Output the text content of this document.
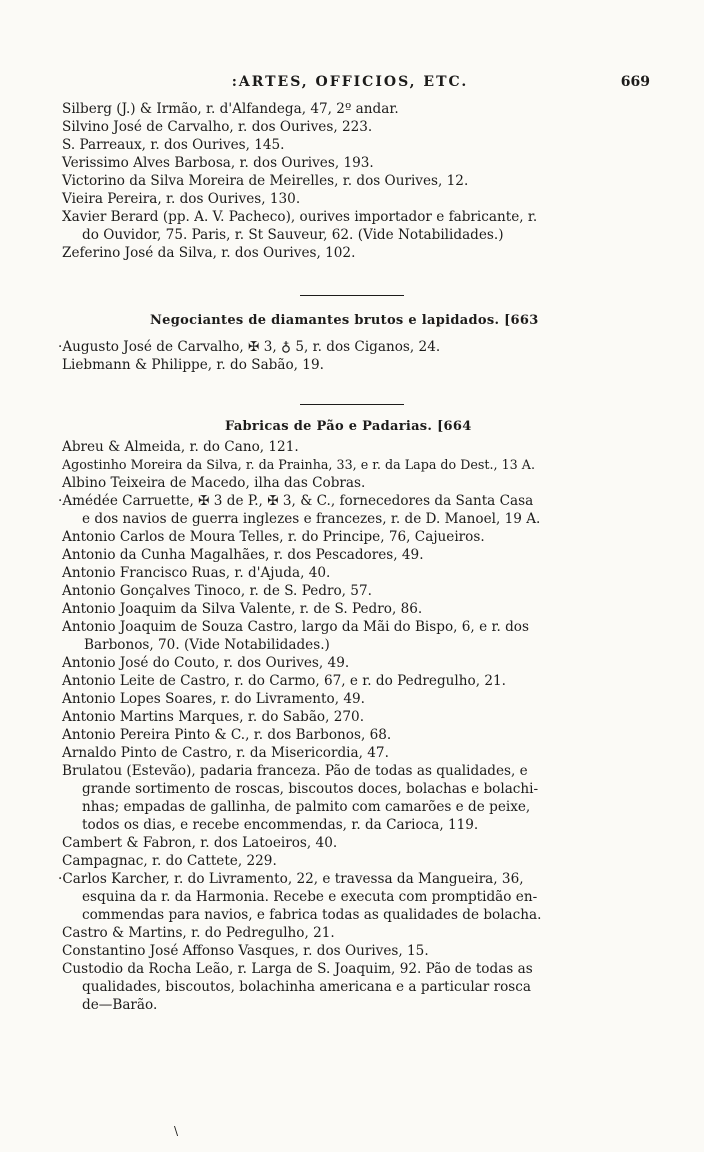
:ARTES, OFFICIOS, ETC.	669
Silberg (J.) & Irmão, r. d'Alfandega, 47, 2º andar.
Silvino José de Carvalho, r. dos Ourives, 223.
S. Parreaux, r. dos Ourives, 145.
Verissimo Alves Barbosa, r. dos Ourives, 193.
Victorino da Silva Moreira de Meirelles, r. dos Ourives, 12.
Vieira Pereira, r. dos Ourives, 130.
Xavier Berard (pp. A. V. Pacheco), ourives importador e fabricante, r.
do Ouvidor, 75. Paris, r. St Sauveur, 62. (Vide Notabilidades.)
Zeferino José da Silva, r. dos Ourives, 102.
Negociantes de diamantes brutos e lapidados. [663
·Augusto José de Carvalho, ✠ 3, ♁ 5, r. dos Ciganos, 24.
Liebmann & Philippe, r. do Sabão, 19.
Fabricas de Pão e Padarias. [664
Abreu & Almeida, r. do Cano, 121.
Agostinho Moreira da Silva, r. da Prainha, 33, e r. da Lapa do Dest., 13 A.
Albino Teixeira de Macedo, ilha das Cobras.
·Amédée Carruette, ✠ 3 de P., ✠ 3, & C., fornecedores da Santa Casa
e dos navios de guerra inglezes e francezes, r. de D. Manoel, 19 A.
Antonio Carlos de Moura Telles, r. do Principe, 76, Cajueiros.
Antonio da Cunha Magalhães, r. dos Pescadores, 49.
Antonio Francisco Ruas, r. d'Ajuda, 40.
Antonio Gonçalves Tinoco, r. de S. Pedro, 57.
Antonio Joaquim da Silva Valente, r. de S. Pedro, 86.
Antonio Joaquim de Souza Castro, largo da Mãi do Bispo, 6, e r. dos
Barbonos, 70. (Vide Notabilidades.)
Antonio José do Couto, r. dos Ourives, 49.
Antonio Leite de Castro, r. do Carmo, 67, e r. do Pedregulho, 21.
Antonio Lopes Soares, r. do Livramento, 49.
Antonio Martins Marques, r. do Sabão, 270.
Antonio Pereira Pinto & C., r. dos Barbonos, 68.
Arnaldo Pinto de Castro, r. da Misericordia, 47.
Brulatou (Estevão), padaria franceza. Pão de todas as qualidades, e
grande sortimento de roscas, biscoutos doces, bolachas e bolachi-
nhas; empadas de gallinha, de palmito com camarões e de peixe,
todos os dias, e recebe encommendas, r. da Carioca, 119.
Cambert & Fabron, r. dos Latoeiros, 40.
Campagnac, r. do Cattete, 229.
·Carlos Karcher, r. do Livramento, 22, e travessa da Mangueira, 36,
esquina da r. da Harmonia. Recebe e executa com promptidão en-
commendas para navios, e fabrica todas as qualidades de bolacha.
Castro & Martins, r. do Pedregulho, 21.
Constantino José Affonso Vasques, r. dos Ourives, 15.
Custodio da Rocha Leão, r. Larga de S. Joaquim, 92. Pão de todas as
qualidades, biscoutos, bolachinha americana e a particular rosca
de—Barão.
\
